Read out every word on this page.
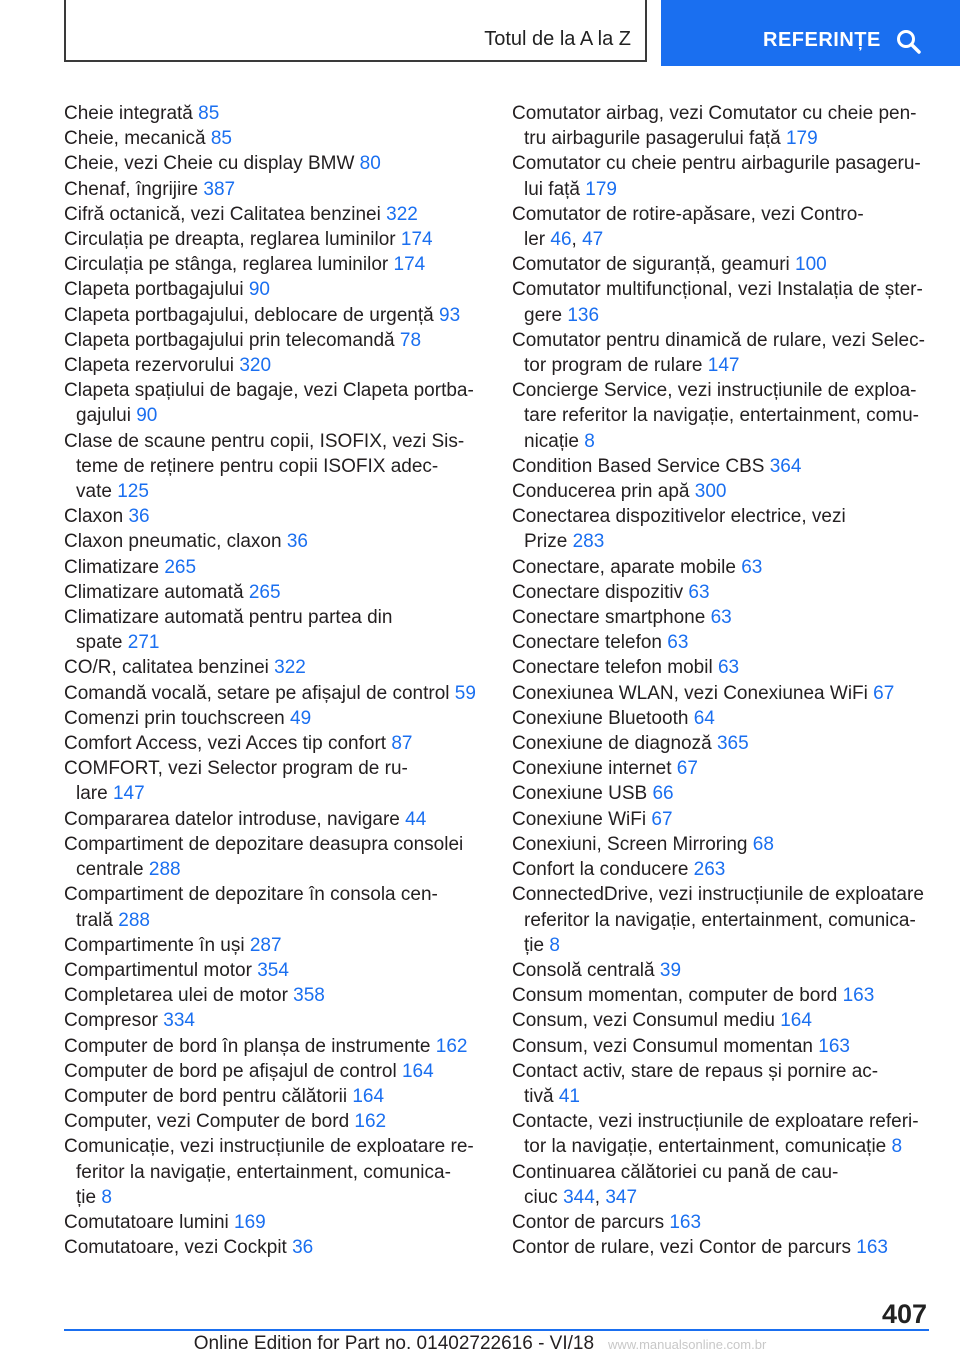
Totul de la A la Z	REFERINȚE
Cheie integrată 85
Cheie, mecanică 85
Cheie, vezi Cheie cu display BMW 80
Chenaf, îngrijire 387
Cifră octanică, vezi Calitatea benzinei 322
Circulația pe dreapta, reglarea luminilor 174
Circulația pe stânga, reglarea luminilor 174
Clapeta portbagajului 90
Clapeta portbagajului, deblocare de urgență 93
Clapeta portbagajului prin telecomandă 78
Clapeta rezervorului 320
Clapeta spațiului de bagaje, vezi Clapeta portba‐
gajului 90
Clase de scaune pentru copii, ISOFIX, vezi Sis‐
teme de reținere pentru copii ISOFIX adec‐
vate 125
Claxon 36
Claxon pneumatic, claxon 36
Climatizare 265
Climatizare automată 265
Climatizare automată pentru partea din
spate 271
CO/R, calitatea benzinei 322
Comandă vocală, setare pe afișajul de control 59
Comenzi prin touchscreen 49
Comfort Access, vezi Acces tip confort 87
COMFORT, vezi Selector program de ru‐
lare 147
Compararea datelor introduse, navigare 44
Compartiment de depozitare deasupra consolei
centrale 288
Compartiment de depozitare în consola cen‐
trală 288
Compartimente în uși 287
Compartimentul motor 354
Completarea ulei de motor 358
Compresor 334
Computer de bord în planșa de instrumente 162
Computer de bord pe afișajul de control 164
Computer de bord pentru călătorii 164
Computer, vezi Computer de bord 162
Comunicație, vezi instrucțiunile de exploatare re‐
feritor la navigație, entertainment, comunica‐
ție 8
Comutatoare lumini 169
Comutatoare, vezi Cockpit 36
Comutator airbag, vezi Comutator cu cheie pen‐
tru airbagurile pasagerului față 179
Comutator cu cheie pentru airbagurile pasageru‐
lui față 179
Comutator de rotire-apăsare, vezi Contro‐
ler 46, 47
Comutator de siguranță, geamuri 100
Comutator multifuncțional, vezi Instalația de șter‐
gere 136
Comutator pentru dinamică de rulare, vezi Selec‐
tor program de rulare 147
Concierge Service, vezi instrucțiunile de exploa‐
tare referitor la navigație, entertainment, comu‐
nicație 8
Condition Based Service CBS 364
Conducerea prin apă 300
Conectarea dispozitivelor electrice, vezi
Prize 283
Conectare, aparate mobile 63
Conectare dispozitiv 63
Conectare smartphone 63
Conectare telefon 63
Conectare telefon mobil 63
Conexiunea WLAN, vezi Conexiunea WiFi 67
Conexiune Bluetooth 64
Conexiune de diagnoză 365
Conexiune internet 67
Conexiune USB 66
Conexiune WiFi 67
Conexiuni, Screen Mirroring 68
Confort la conducere 263
ConnectedDrive, vezi instrucțiunile de exploatare
referitor la navigație, entertainment, comunica‐
ție 8
Consolă centrală 39
Consum momentan, computer de bord 163
Consum, vezi Consumul mediu 164
Consum, vezi Consumul momentan 163
Contact activ, stare de repaus și pornire ac‐
tivă 41
Contacte, vezi instrucțiunile de exploatare referi‐
tor la navigație, entertainment, comunicație 8
Continuarea călătoriei cu pană de cau‐
ciuc 344, 347
Contor de parcurs 163
Contor de rulare, vezi Contor de parcurs 163
407
Online Edition for Part no. 01402722616 - VI/18 www.manualsonline.com.br
